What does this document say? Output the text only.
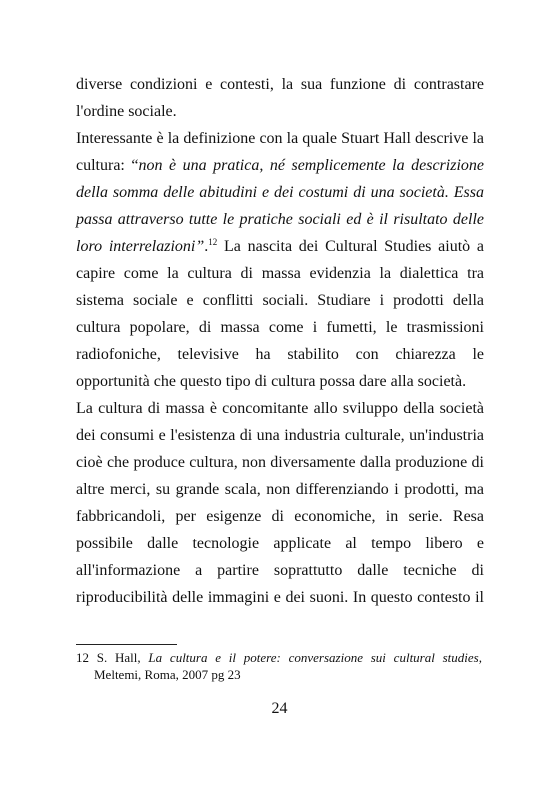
diverse condizioni e contesti, la sua funzione di contrastare

l'ordine sociale.

Interessante è la definizione con la quale Stuart Hall descrive la

cultura: “non è una pratica, né semplicemente la descrizione

della somma delle abitudini e dei costumi di una società. Essa

passa attraverso tutte le pratiche sociali ed è il risultato delle

loro interrelazioni”.$^{12}$ La nascita dei Cultural Studies aiutò a

capire come la cultura di massa evidenzia la dialettica tra

sistema sociale e conflitti sociali. Studiare i prodotti della

cultura popolare, di massa come i fumetti, le trasmissioni

radiofoniche, televisive ha stabilito con chiarezza le

opportunità che questo tipo di cultura possa dare alla società.

La cultura di massa è concomitante allo sviluppo della società

dei consumi e l'esistenza di una industria culturale, un'industria

cioè che produce cultura, non diversamente dalla produzione di

altre merci, su grande scala, non differenziando i prodotti, ma

fabbricandoli, per esigenze di economiche, in serie. Resa

possibile dalle tecnologie applicate al tempo libero e

all'informazione a partire soprattutto dalle tecniche di

riproducibilità delle immagini e dei suoni. In questo contesto il

12 S. Hall, La cultura e il potere: conversazione sui cultural studies,

Meltemi, Roma, 2007 pg 23

24
